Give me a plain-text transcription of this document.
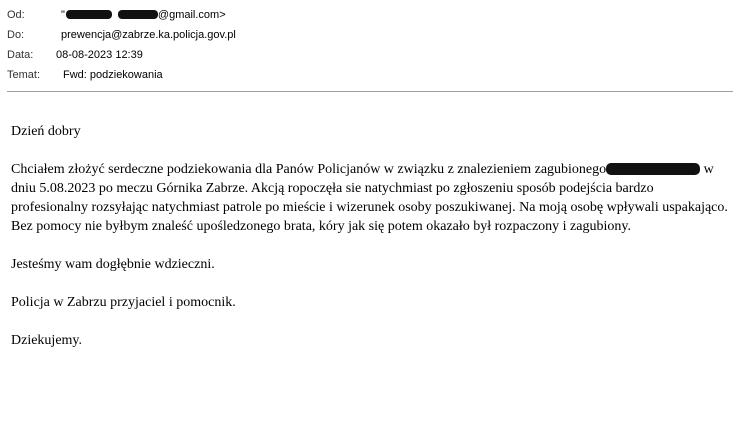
Od:	"	@gmail.com>
Do:	prewencja@zabrze.ka.policja.gov.pl
Data: 08-08-2023 12:39
Temat: Fwd: podziekowania

Dzień dobry

Chciałem złożyć serdeczne podziekowania dla Panów Policjanów w związku z znalezieniem zagubionego	w dniu 5.08.2023 po meczu Górnika Zabrze. Akcją ropoczęła sie natychmiast po zgłoszeniu sposób podejścia bardzo profesionalny rozsyłając natychmiast patrole po mieście i wizerunek osoby poszukiwanej. Na moją osobę wpływali uspakająco. Bez pomocy nie byłbym znaleść upośledzonego brata, kóry jak się potem okazało był rozpaczony i zagubiony.

Jesteśmy wam dogłębnie wdzieczni.

Policja w Zabrzu przyjaciel i pomocnik.

Dziekujemy.
